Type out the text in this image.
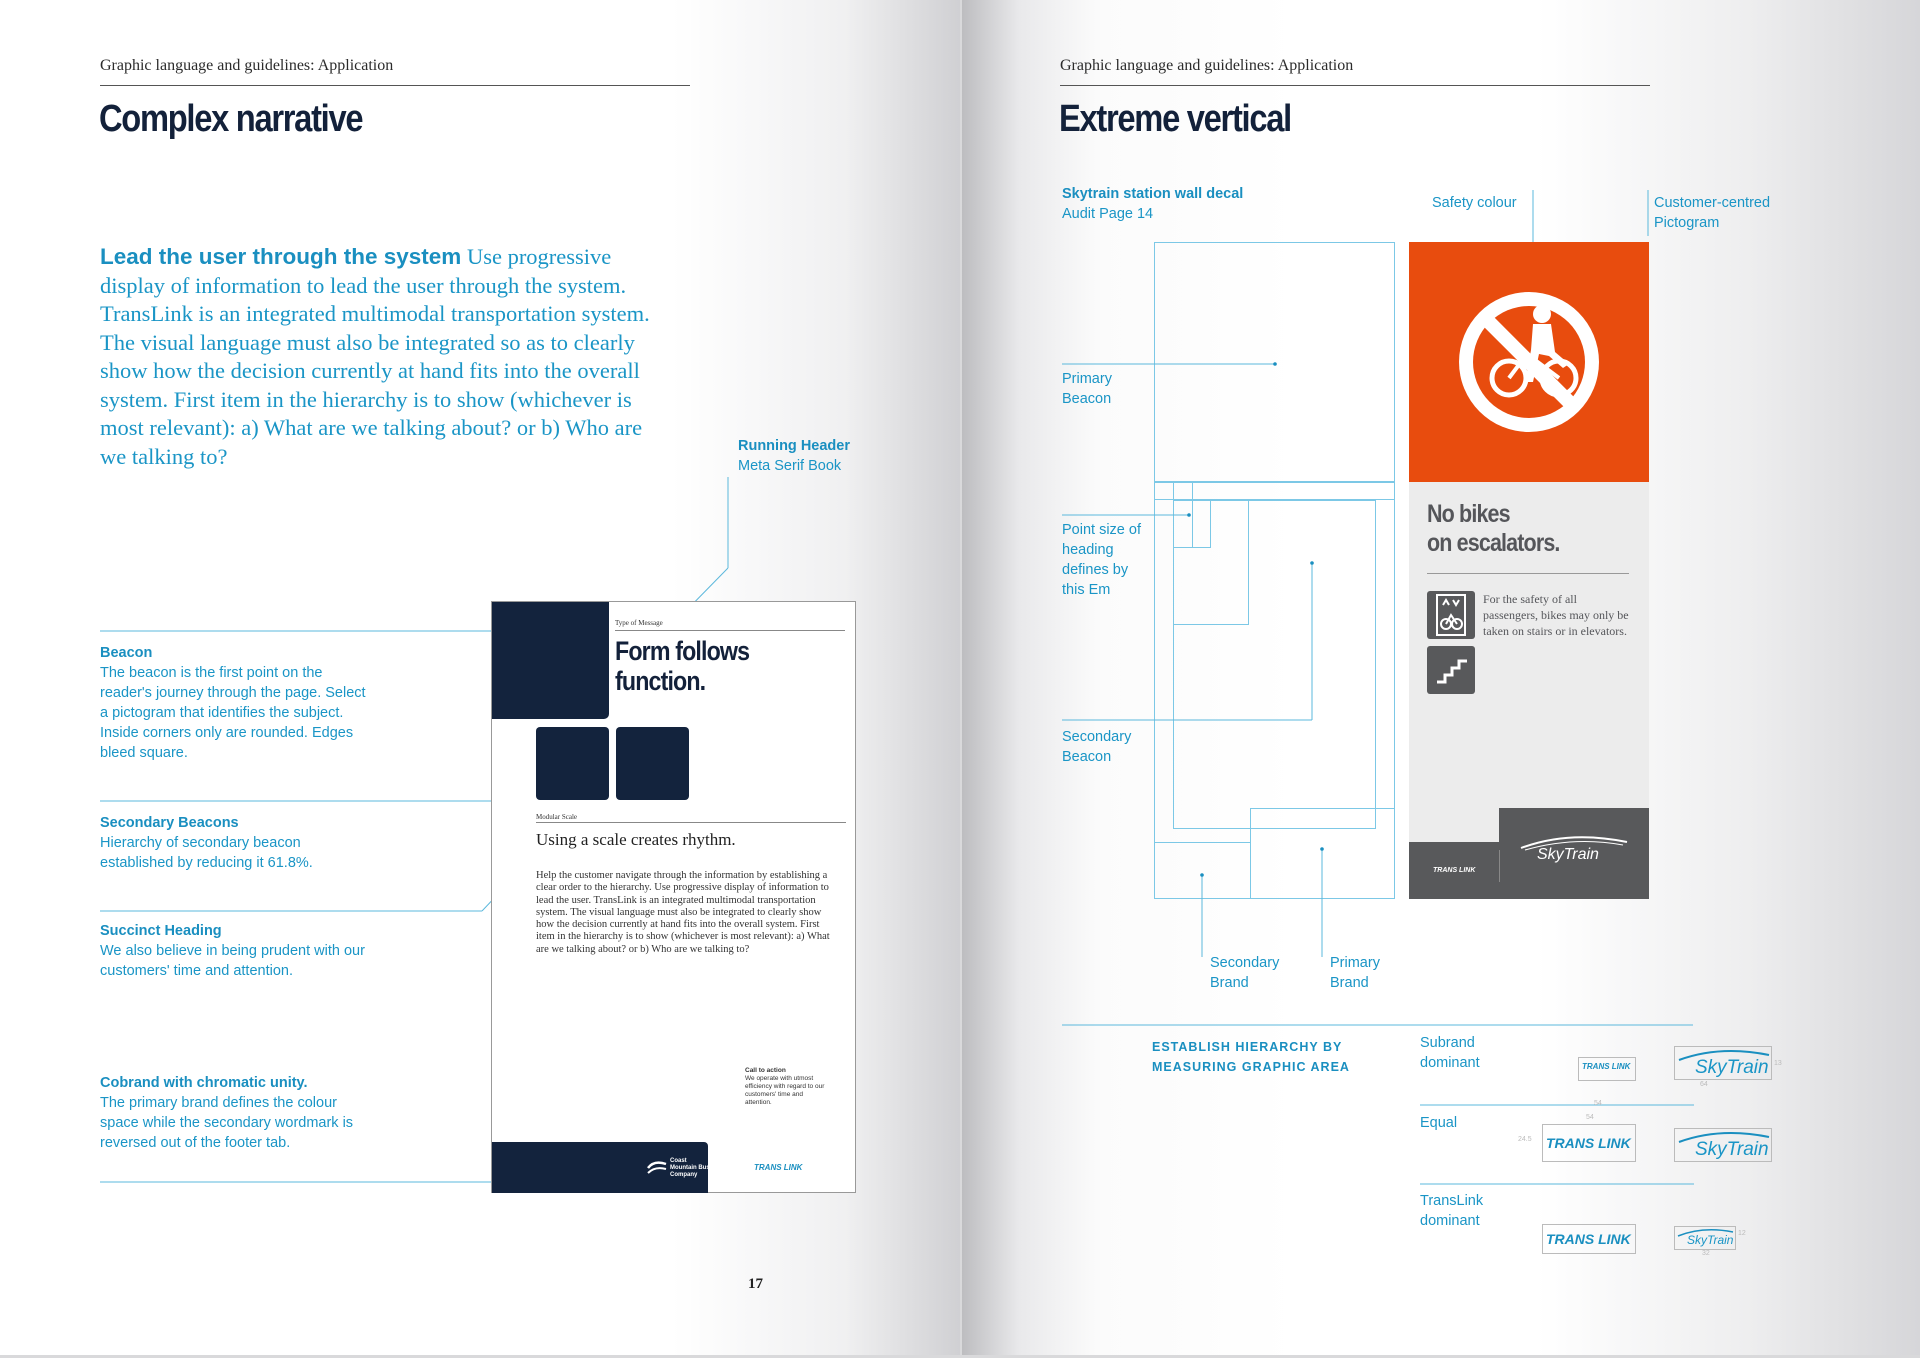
Graphic language and guidelines: Application
Complex narrative
Lead the user through the system Use progressive display of information to lead the user through the system. TransLink is an integrated multimodal transportation system. The visual language must also be integrated so as to clearly show how the decision currently at hand fits into the overall system. First item in the hierarchy is to show (whichever is most relevant): a) What are we talking about? or b) Who are we talking to?	Running Header
Meta Serif Book
Beacon
The beacon is the first point on the reader's journey through the page. Select a pictogram that identifies the subject. Inside corners only are rounded. Edges bleed square.
Secondary Beacons
Hierarchy of secondary beacon established by reducing it 61.8%.
Succinct Heading
We also believe in being prudent with our customers' time and attention.
Cobrand with chromatic unity.
The primary brand defines the colour space while the secondary wordmark is reversed out of the footer tab.
Type of Message
Form follows function.
Modular Scale
Using a scale creates rhythm.
Help the customer navigate through the information by establishing a clear order to the hierarchy. Use progressive display of information to lead the user. TransLink is an integrated multimodal transportation system. The visual language must also be integrated to clearly show how the decision currently at hand fits into the overall system. First item in the hierarchy is to show (whichever is most relevant): a) What are we talking about? or b) Who are we talking to?
Call to action
We operate with utmost efficiency with regard to our customers' time and attention.
Coast Mountain Bus Company
TRANS LINK
17
Graphic language and guidelines: Application
Extreme vertical
Skytrain station wall decal
Audit Page 14
Safety colour	Customer-centred Pictogram
Primary Beacon
Point size of heading defines by this Em
Secondary Beacon
Secondary Brand
Primary Brand
No bikes
on escalators.
For the safety of all passengers, bikes may only be taken on stairs or in elevators.
TRANS LINK
SkyTrain
ESTABLISH HIERARCHY BY
MEASURING GRAPHIC AREA
Subrand dominant
Equal
TransLink dominant
TRANS LINK	SkyTrain
54
13
64
TRANS LINK	SkyTrain
24.5
54
TRANS LINK	SkyTrain 12
32
